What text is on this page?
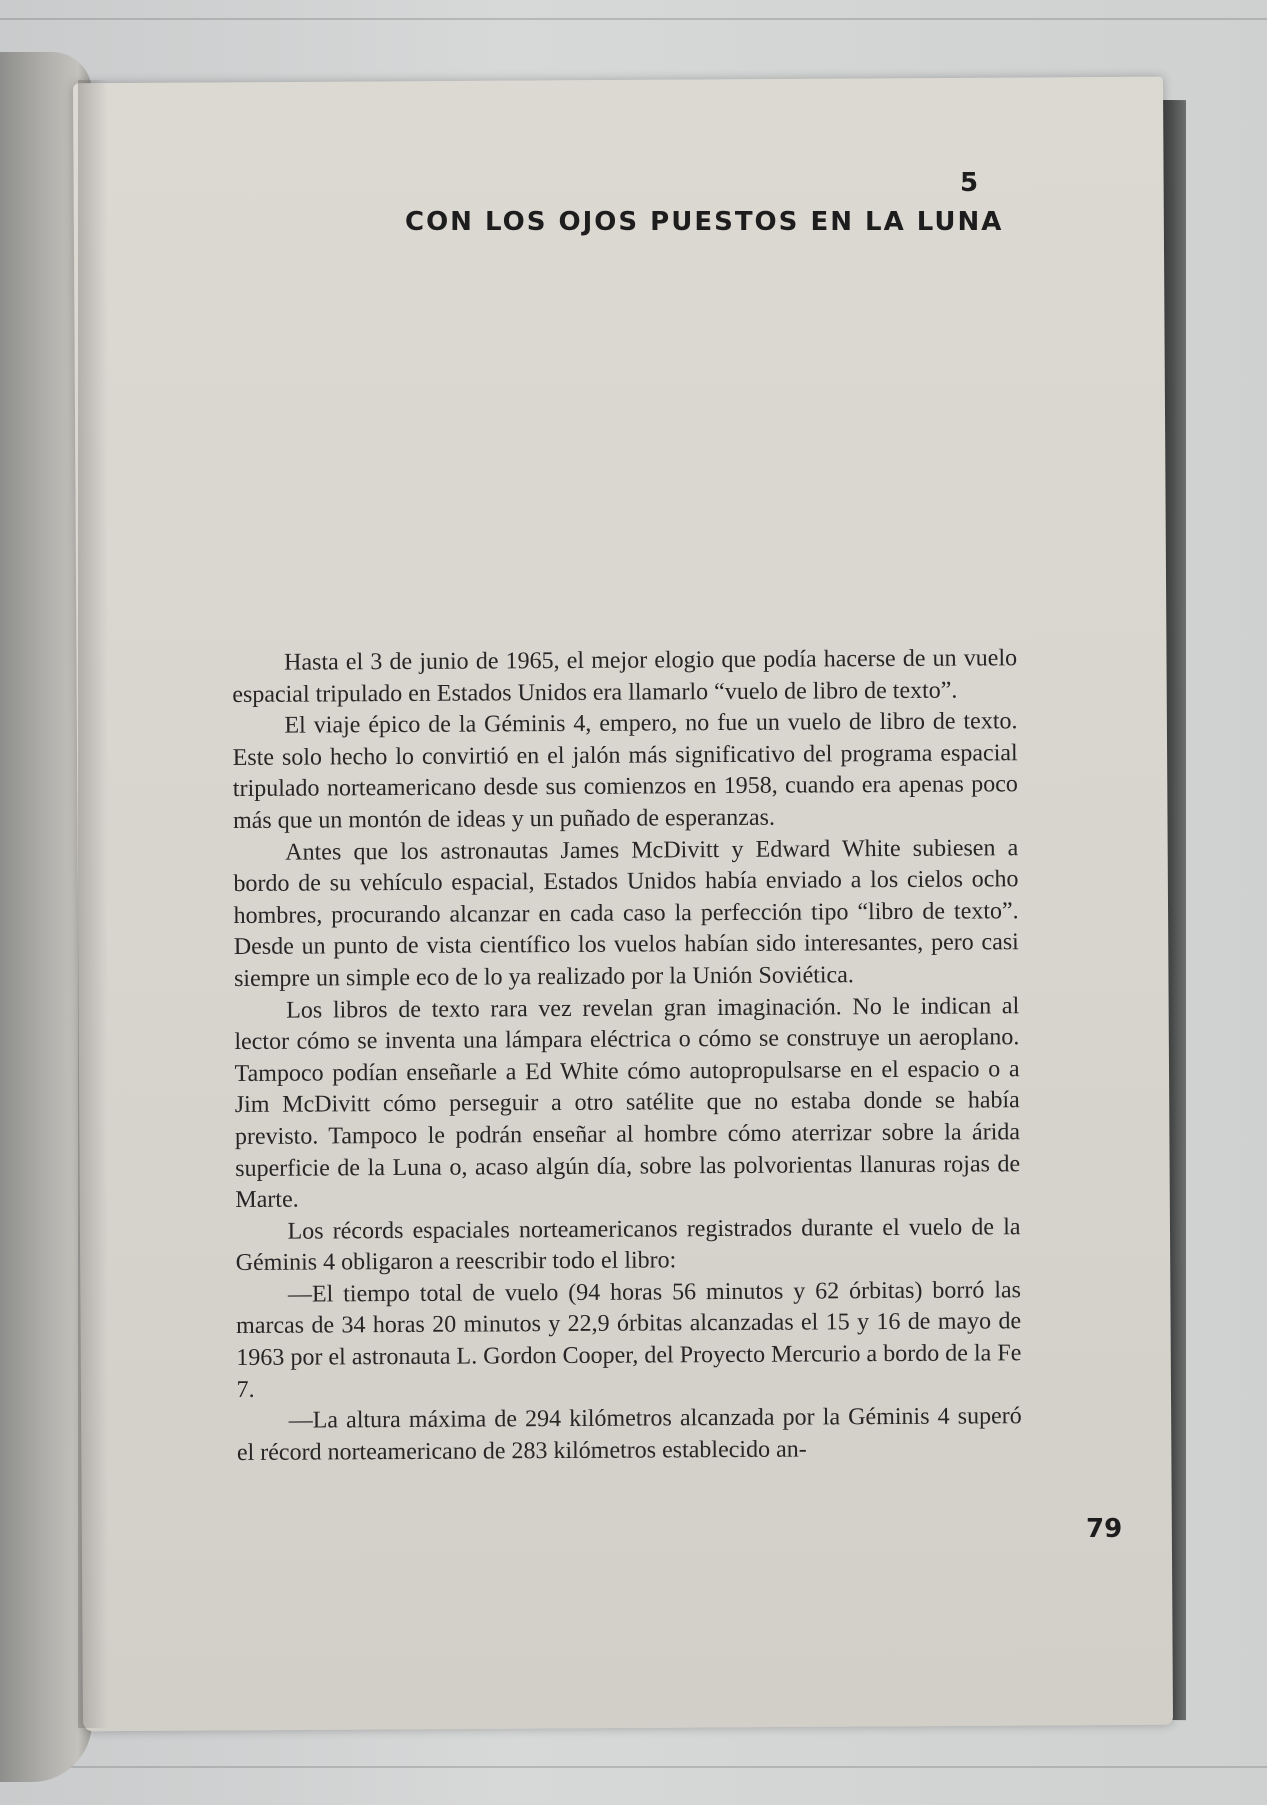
5
CON LOS OJOS PUESTOS EN LA LUNA

Hasta el 3 de junio de 1965, el mejor elogio que podía hacerse de un vuelo espacial tripulado en Estados Unidos era llamarlo “vuelo de libro de texto”.

El viaje épico de la Géminis 4, empero, no fue un vuelo de libro de texto. Este solo hecho lo convirtió en el jalón más significativo del programa espacial tripulado norteamericano desde sus comienzos en 1958, cuando era apenas poco más que un montón de ideas y un puñado de esperanzas.

Antes que los astronautas James McDivitt y Edward White subiesen a bordo de su vehículo espacial, Estados Unidos había enviado a los cielos ocho hombres, procurando alcanzar en cada caso la perfección tipo “libro de texto”. Desde un punto de vista científico los vuelos habían sido interesantes, pero casi siempre un simple eco de lo ya realizado por la Unión Soviética.

Los libros de texto rara vez revelan gran imaginación. No le indican al lector cómo se inventa una lámpara eléctrica o cómo se construye un aeroplano. Tampoco podían enseñarle a Ed White cómo autopropulsarse en el espacio o a Jim McDivitt cómo perseguir a otro satélite que no estaba donde se había previsto. Tampoco le podrán enseñar al hombre cómo aterrizar sobre la árida superficie de la Luna o, acaso algún día, sobre las polvorientas llanuras rojas de Marte.

Los récords espaciales norteamericanos registrados durante el vuelo de la Géminis 4 obligaron a reescribir todo el libro:

—El tiempo total de vuelo (94 horas 56 minutos y 62 órbitas) borró las marcas de 34 horas 20 minutos y 22,9 órbitas alcanzadas el 15 y 16 de mayo de 1963 por el astronauta L. Gordon Cooper, del Proyecto Mercurio a bordo de la Fe 7.

—La altura máxima de 294 kilómetros alcanzada por la Géminis 4 superó el récord norteamericano de 283 kilómetros establecido an-

79
